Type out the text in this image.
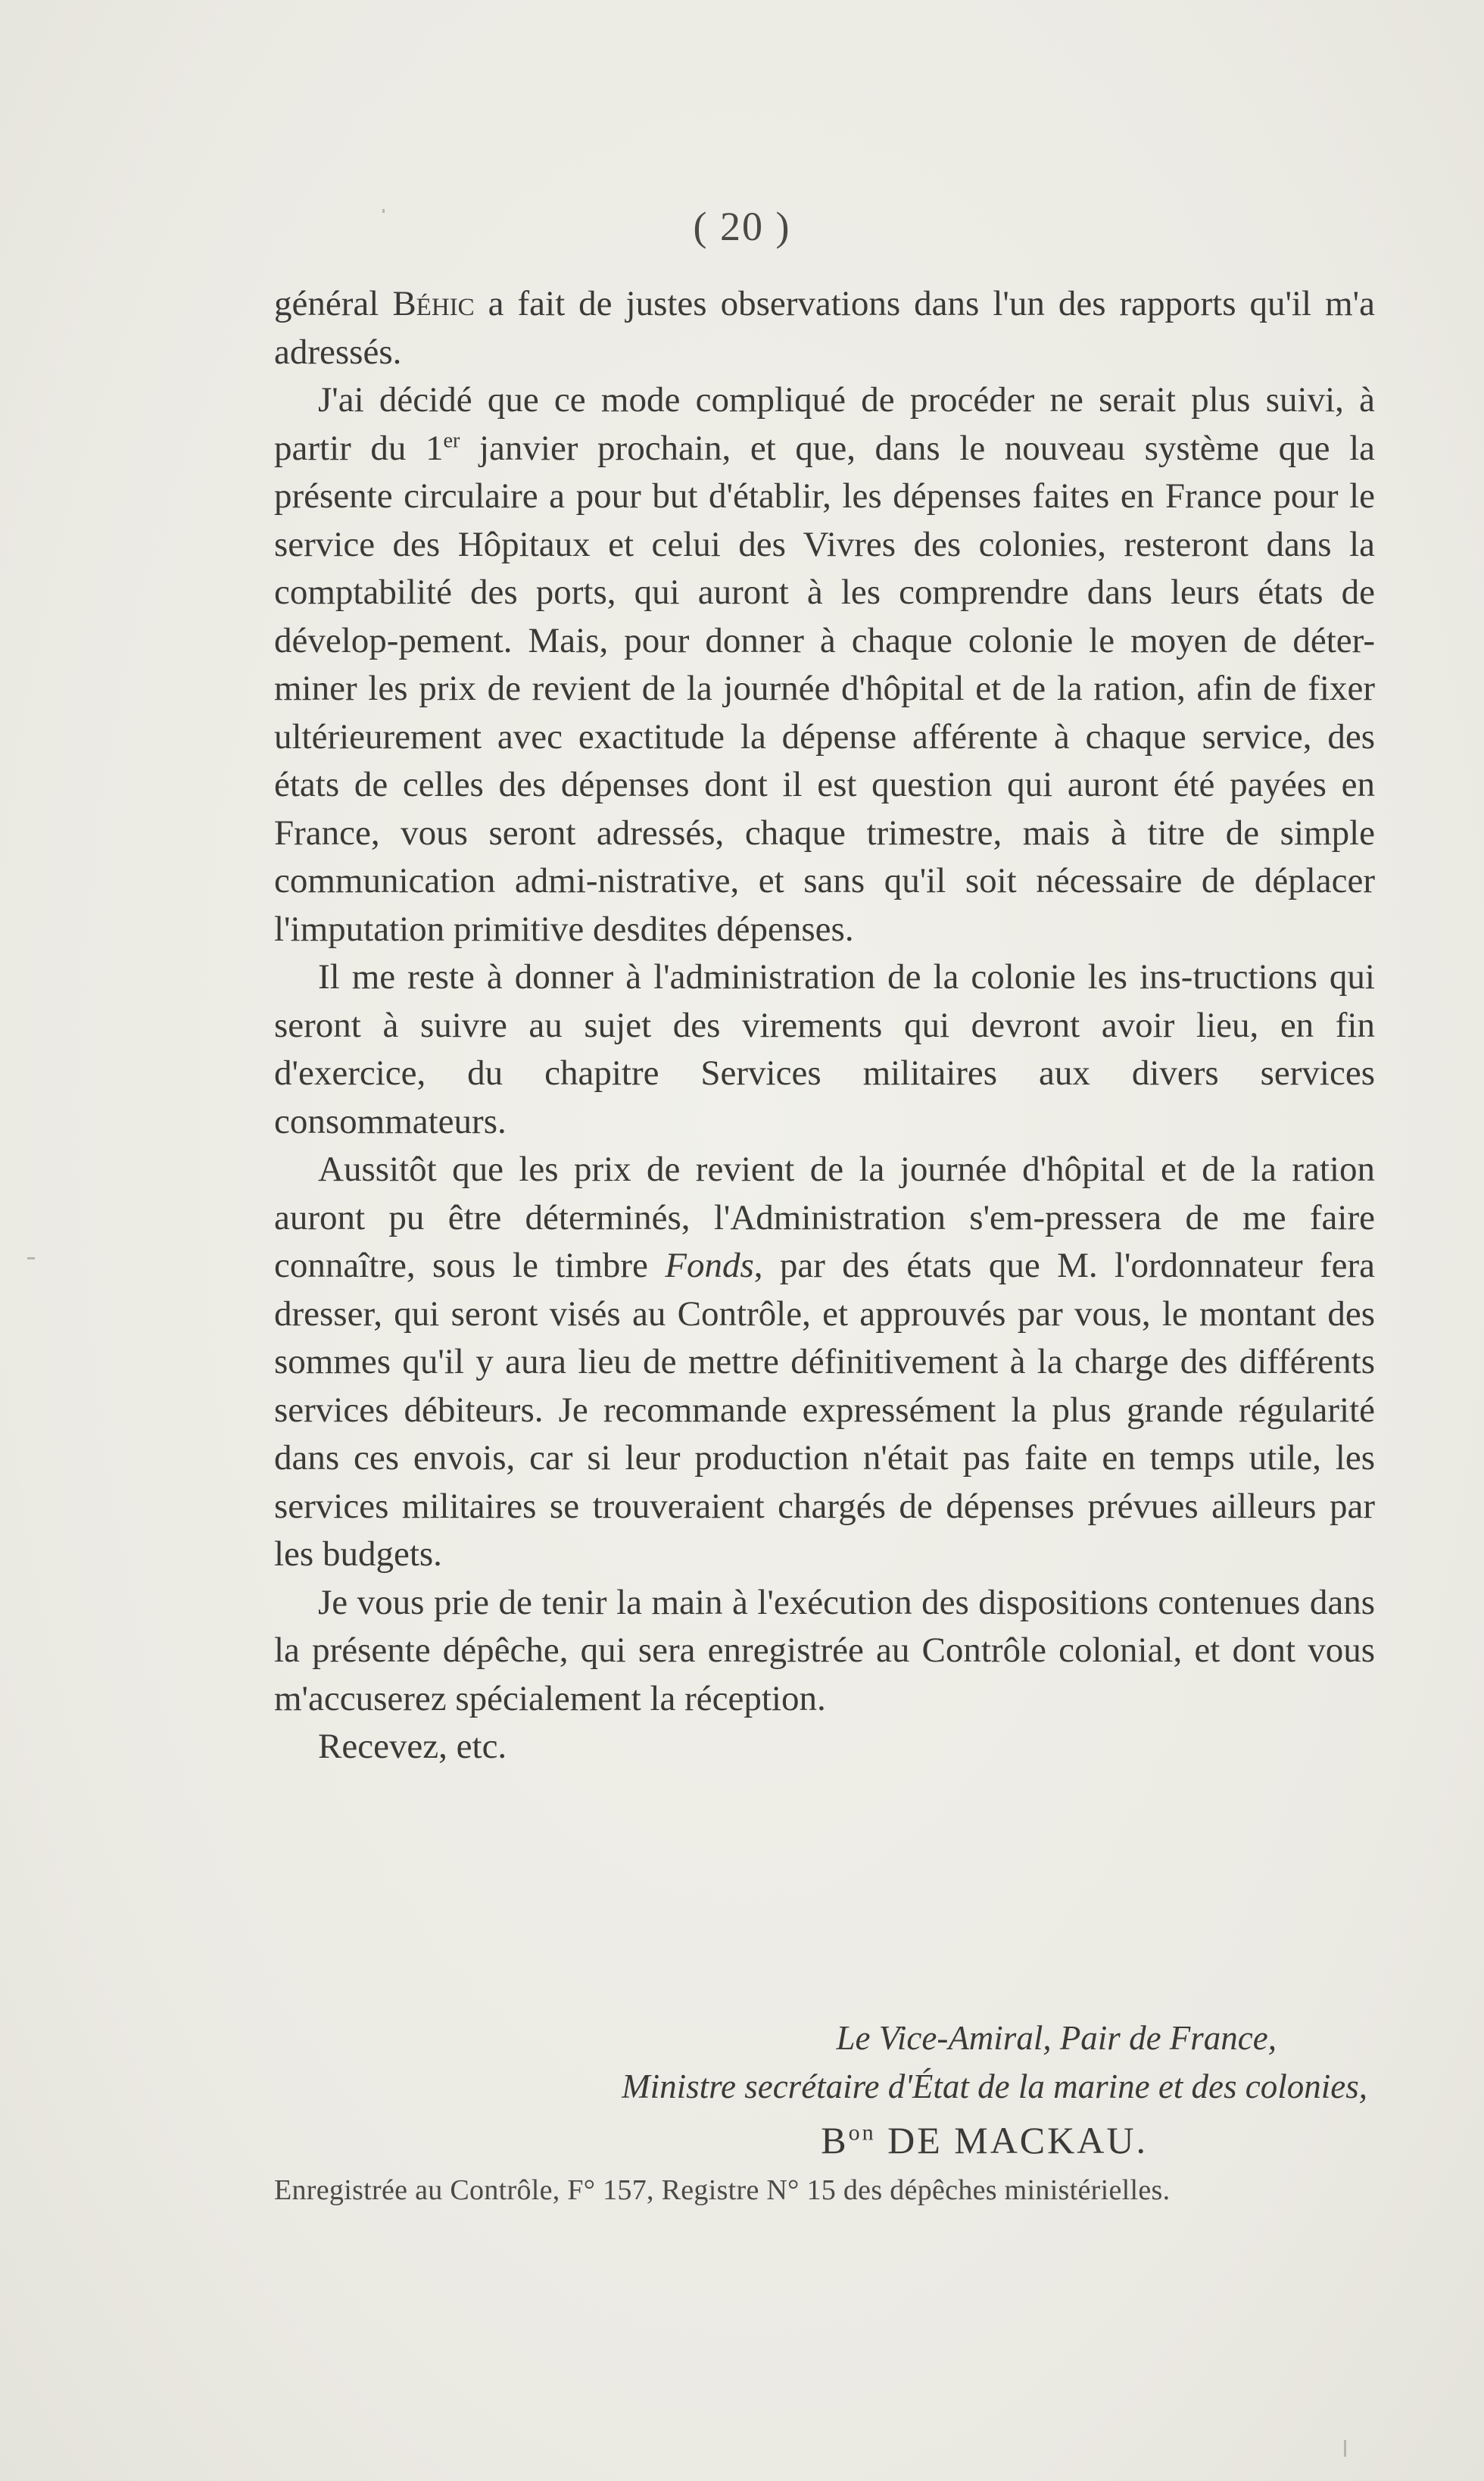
( 20 )

général Béhic a fait de justes observations dans l'un des rapports qu'il m'a adressés.

J'ai décidé que ce mode compliqué de procéder ne serait plus suivi, à partir du 1er janvier prochain, et que, dans le nouveau système que la présente circulaire a pour but d'établir, les dépenses faites en France pour le service des Hôpitaux et celui des Vivres des colonies, resteront dans la comptabilité des ports, qui auront à les comprendre dans leurs états de dévelop-pement. Mais, pour donner à chaque colonie le moyen de déter-miner les prix de revient de la journée d'hôpital et de la ration, afin de fixer ultérieurement avec exactitude la dépense afférente à chaque service, des états de celles des dépenses dont il est question qui auront été payées en France, vous seront adressés, chaque trimestre, mais à titre de simple communication admi-nistrative, et sans qu'il soit nécessaire de déplacer l'imputation primitive desdites dépenses.

Il me reste à donner à l'administration de la colonie les ins-tructions qui seront à suivre au sujet des virements qui devront avoir lieu, en fin d'exercice, du chapitre Services militaires aux divers services consommateurs.

Aussitôt que les prix de revient de la journée d'hôpital et de la ration auront pu être déterminés, l'Administration s'em-pressera de me faire connaître, sous le timbre Fonds, par des états que M. l'ordonnateur fera dresser, qui seront visés au Contrôle, et approuvés par vous, le montant des sommes qu'il y aura lieu de mettre définitivement à la charge des différents services débiteurs. Je recommande expressément la plus grande régularité dans ces envois, car si leur production n'était pas faite en temps utile, les services militaires se trouveraient chargés de dépenses prévues ailleurs par les budgets.

Je vous prie de tenir la main à l'exécution des dispositions contenues dans la présente dépêche, qui sera enregistrée au Contrôle colonial, et dont vous m'accuserez spécialement la réception.

Recevez, etc.

Le Vice-Amiral, Pair de France,
Ministre secrétaire d'État de la marine et des colonies,
$B^{on}$ DE MACKAU.
Enregistrée au Contrôle, F° 157, Registre N° 15 des dépêches ministérielles.
